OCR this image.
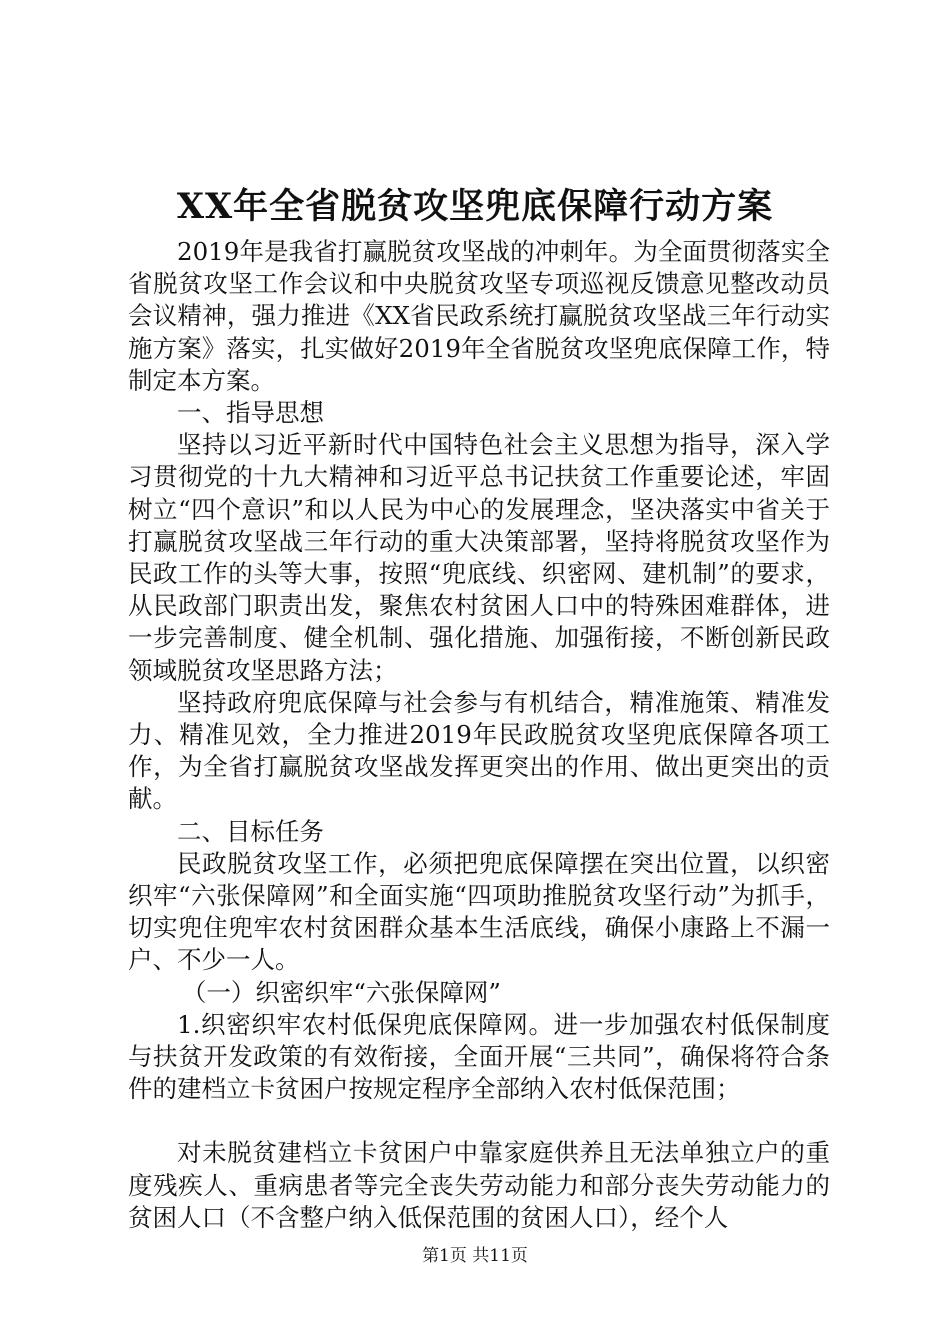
XX年全省脱贫攻坚兜底保障行动方案

2019年是我省打赢脱贫攻坚战的冲刺年。为全面贯彻落实全省脱贫攻坚工作会议和中央脱贫攻坚专项巡视反馈意见整改动员会议精神，强力推进《XX省民政系统打赢脱贫攻坚战三年行动实施方案》落实，扎实做好2019年全省脱贫攻坚兜底保障工作，特制定本方案。

一、指导思想

坚持以习近平新时代中国特色社会主义思想为指导，深入学习贯彻党的十九大精神和习近平总书记扶贫工作重要论述，牢固树立“四个意识”和以人民为中心的发展理念，坚决落实中省关于打赢脱贫攻坚战三年行动的重大决策部署，坚持将脱贫攻坚作为民政工作的头等大事，按照“兜底线、织密网、建机制”的要求，从民政部门职责出发，聚焦农村贫困人口中的特殊困难群体，进一步完善制度、健全机制、强化措施、加强衔接，不断创新民政领域脱贫攻坚思路方法；

坚持政府兜底保障与社会参与有机结合，精准施策、精准发力、精准见效，全力推进2019年民政脱贫攻坚兜底保障各项工作，为全省打赢脱贫攻坚战发挥更突出的作用、做出更突出的贡献。

二、目标任务

民政脱贫攻坚工作，必须把兜底保障摆在突出位置，以织密织牢“六张保障网”和全面实施“四项助推脱贫攻坚行动”为抓手，切实兜住兜牢农村贫困群众基本生活底线，确保小康路上不漏一户、不少一人。

（一）织密织牢“六张保障网”

1.织密织牢农村低保兜底保障网。进一步加强农村低保制度与扶贫开发政策的有效衔接，全面开展“三共同”，确保将符合条件的建档立卡贫困户按规定程序全部纳入农村低保范围；

对未脱贫建档立卡贫困户中靠家庭供养且无法单独立户的重度残疾人、重病患者等完全丧失劳动能力和部分丧失劳动能力的贫困人口（不含整户纳入低保范围的贫困人口），经个人

第1页 共11页
